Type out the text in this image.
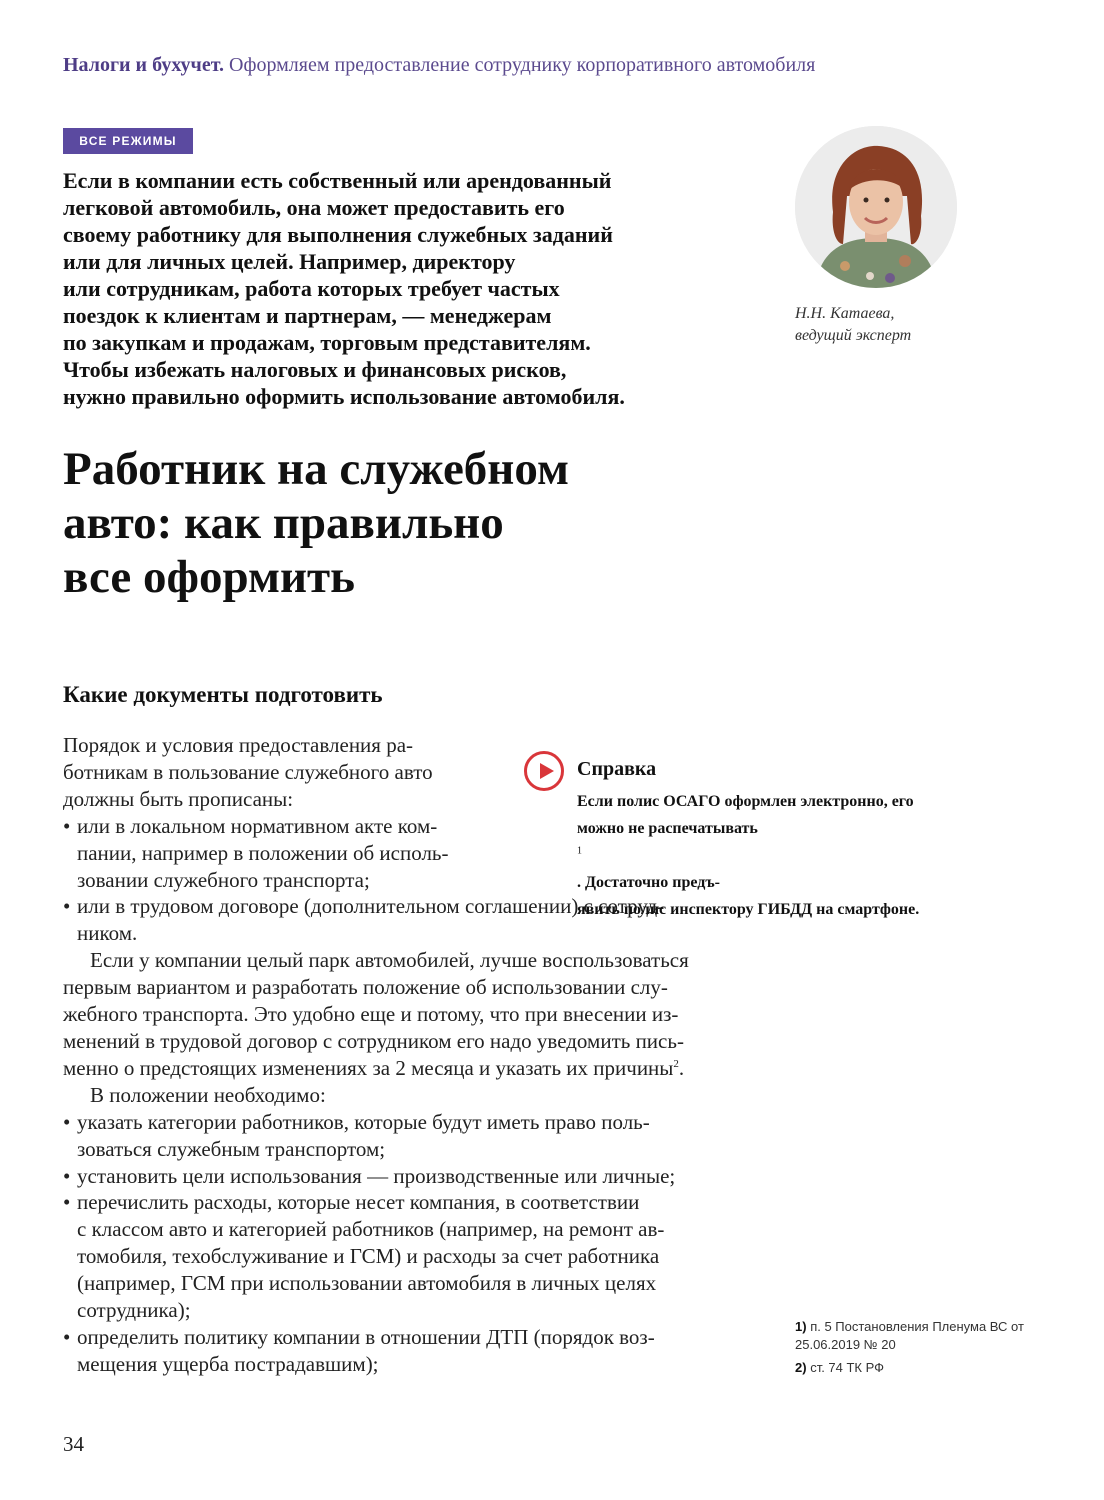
Налоги и бухучет. Оформляем предоставление сотруднику корпоративного автомобиля
ВСЕ РЕЖИМЫ
Если в компании есть собственный или арендованный
легковой автомобиль, она может предоставить его
своему работнику для выполнения служебных заданий
или для личных целей. Например, директору
или сотрудникам, работа которых требует частых
поездок к клиентам и партнерам, — менеджерам
по закупкам и продажам, торговым представителям.
Чтобы избежать налоговых и финансовых рисков,
нужно правильно оформить использование автомобиля.
Н.Н. Катаева,
ведущий эксперт
Работник на служебном
авто: как правильно
все оформить
Какие документы подготовить
Порядок и условия предоставления ра-
ботникам в пользование служебного авто
должны быть прописаны:
• или в локальном нормативном акте ком-
пании, например в положении об исполь-
зовании служебного транспорта;
• или в трудовом договоре (дополнительном соглашении) с сотруд-
ником.
Если у компании целый парк автомобилей, лучше воспользоваться
первым вариантом и разработать положение об использовании слу-
жебного транспорта. Это удобно еще и потому, что при внесении из-
менений в трудовой договор с сотрудником его надо уведомить пись-
менно о предстоящих изменениях за 2 месяца и указать их причины$^2$.
В положении необходимо:
• указать категории работников, которые будут иметь право поль-
зоваться служебным транспортом;
• установить цели использования — производственные или личные;
• перечислить расходы, которые несет компания, в соответствии
с классом авто и категорией работников (например, на ремонт ав-
томобиля, техобслуживание и ГСМ) и расходы за счет работника
(например, ГСМ при использовании автомобиля в личных целях
сотрудника);
• определить политику компании в отношении ДТП (порядок воз-
мещения ущерба пострадавшим);
Справка
Если полис ОСАГО оформлен электронно, его
можно не распечатывать
$^1$
. Достаточно предъ-
явить полис инспектору ГИБДД на смартфоне.
1) п. 5 Постановления Пленума ВС от 25.06.2019 № 20
2) ст. 74 ТК РФ
34
